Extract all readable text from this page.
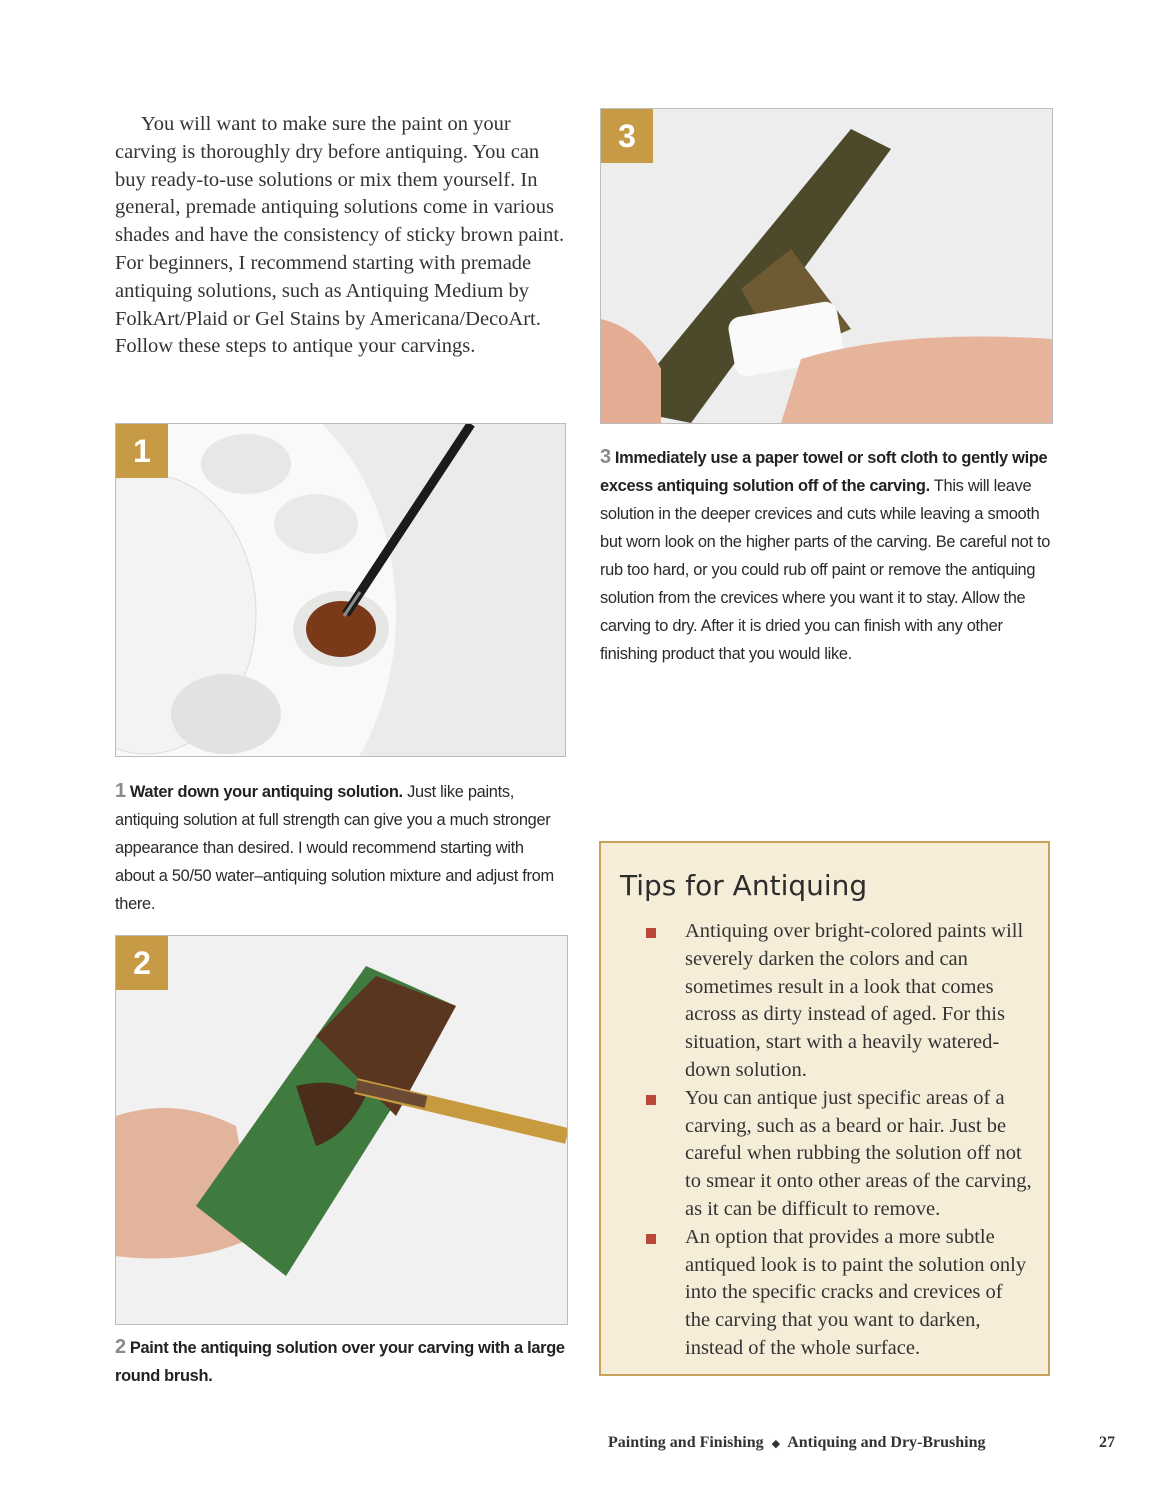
You will want to make sure the paint on your carving is thoroughly dry before antiquing. You can buy ready-to-use solutions or mix them yourself. In general, premade antiquing solutions come in various shades and have the consistency of sticky brown paint. For beginners, I recommend starting with premade antiquing solutions, such as Antiquing Medium by FolkArt/Plaid or Gel Stains by Americana/DecoArt. Follow these steps to antique your carvings.
1
1 Water down your antiquing solution. Just like paints, antiquing solution at full strength can give you a much stronger appearance than desired. I would recommend starting with about a 50/50 water–antiquing solution mixture and adjust from there.
2
2 Paint the antiquing solution over your carving with a large round brush.
3
3 Immediately use a paper towel or soft cloth to gently wipe excess antiquing solution off of the carving. This will leave solution in the deeper crevices and cuts while leaving a smooth but worn look on the higher parts of the carving. Be careful not to rub too hard, or you could rub off paint or remove the antiquing solution from the crevices where you want it to stay. Allow the carving to dry. After it is dried you can finish with any other finishing product that you would like.
Tips for Antiquing
Antiquing over bright-colored paints will severely darken the colors and can sometimes result in a look that comes across as dirty instead of aged. For this situation, start with a heavily watered-down solution.
You can antique just specific areas of a carving, such as a beard or hair. Just be careful when rubbing the solution off not to smear it onto other areas of the carving, as it can be difficult to remove.
An option that provides a more subtle antiqued look is to paint the solution only into the specific cracks and crevices of the carving that you want to darken, instead of the whole surface.
Painting and Finishing ◆ Antiquing and Dry-Brushing	27
